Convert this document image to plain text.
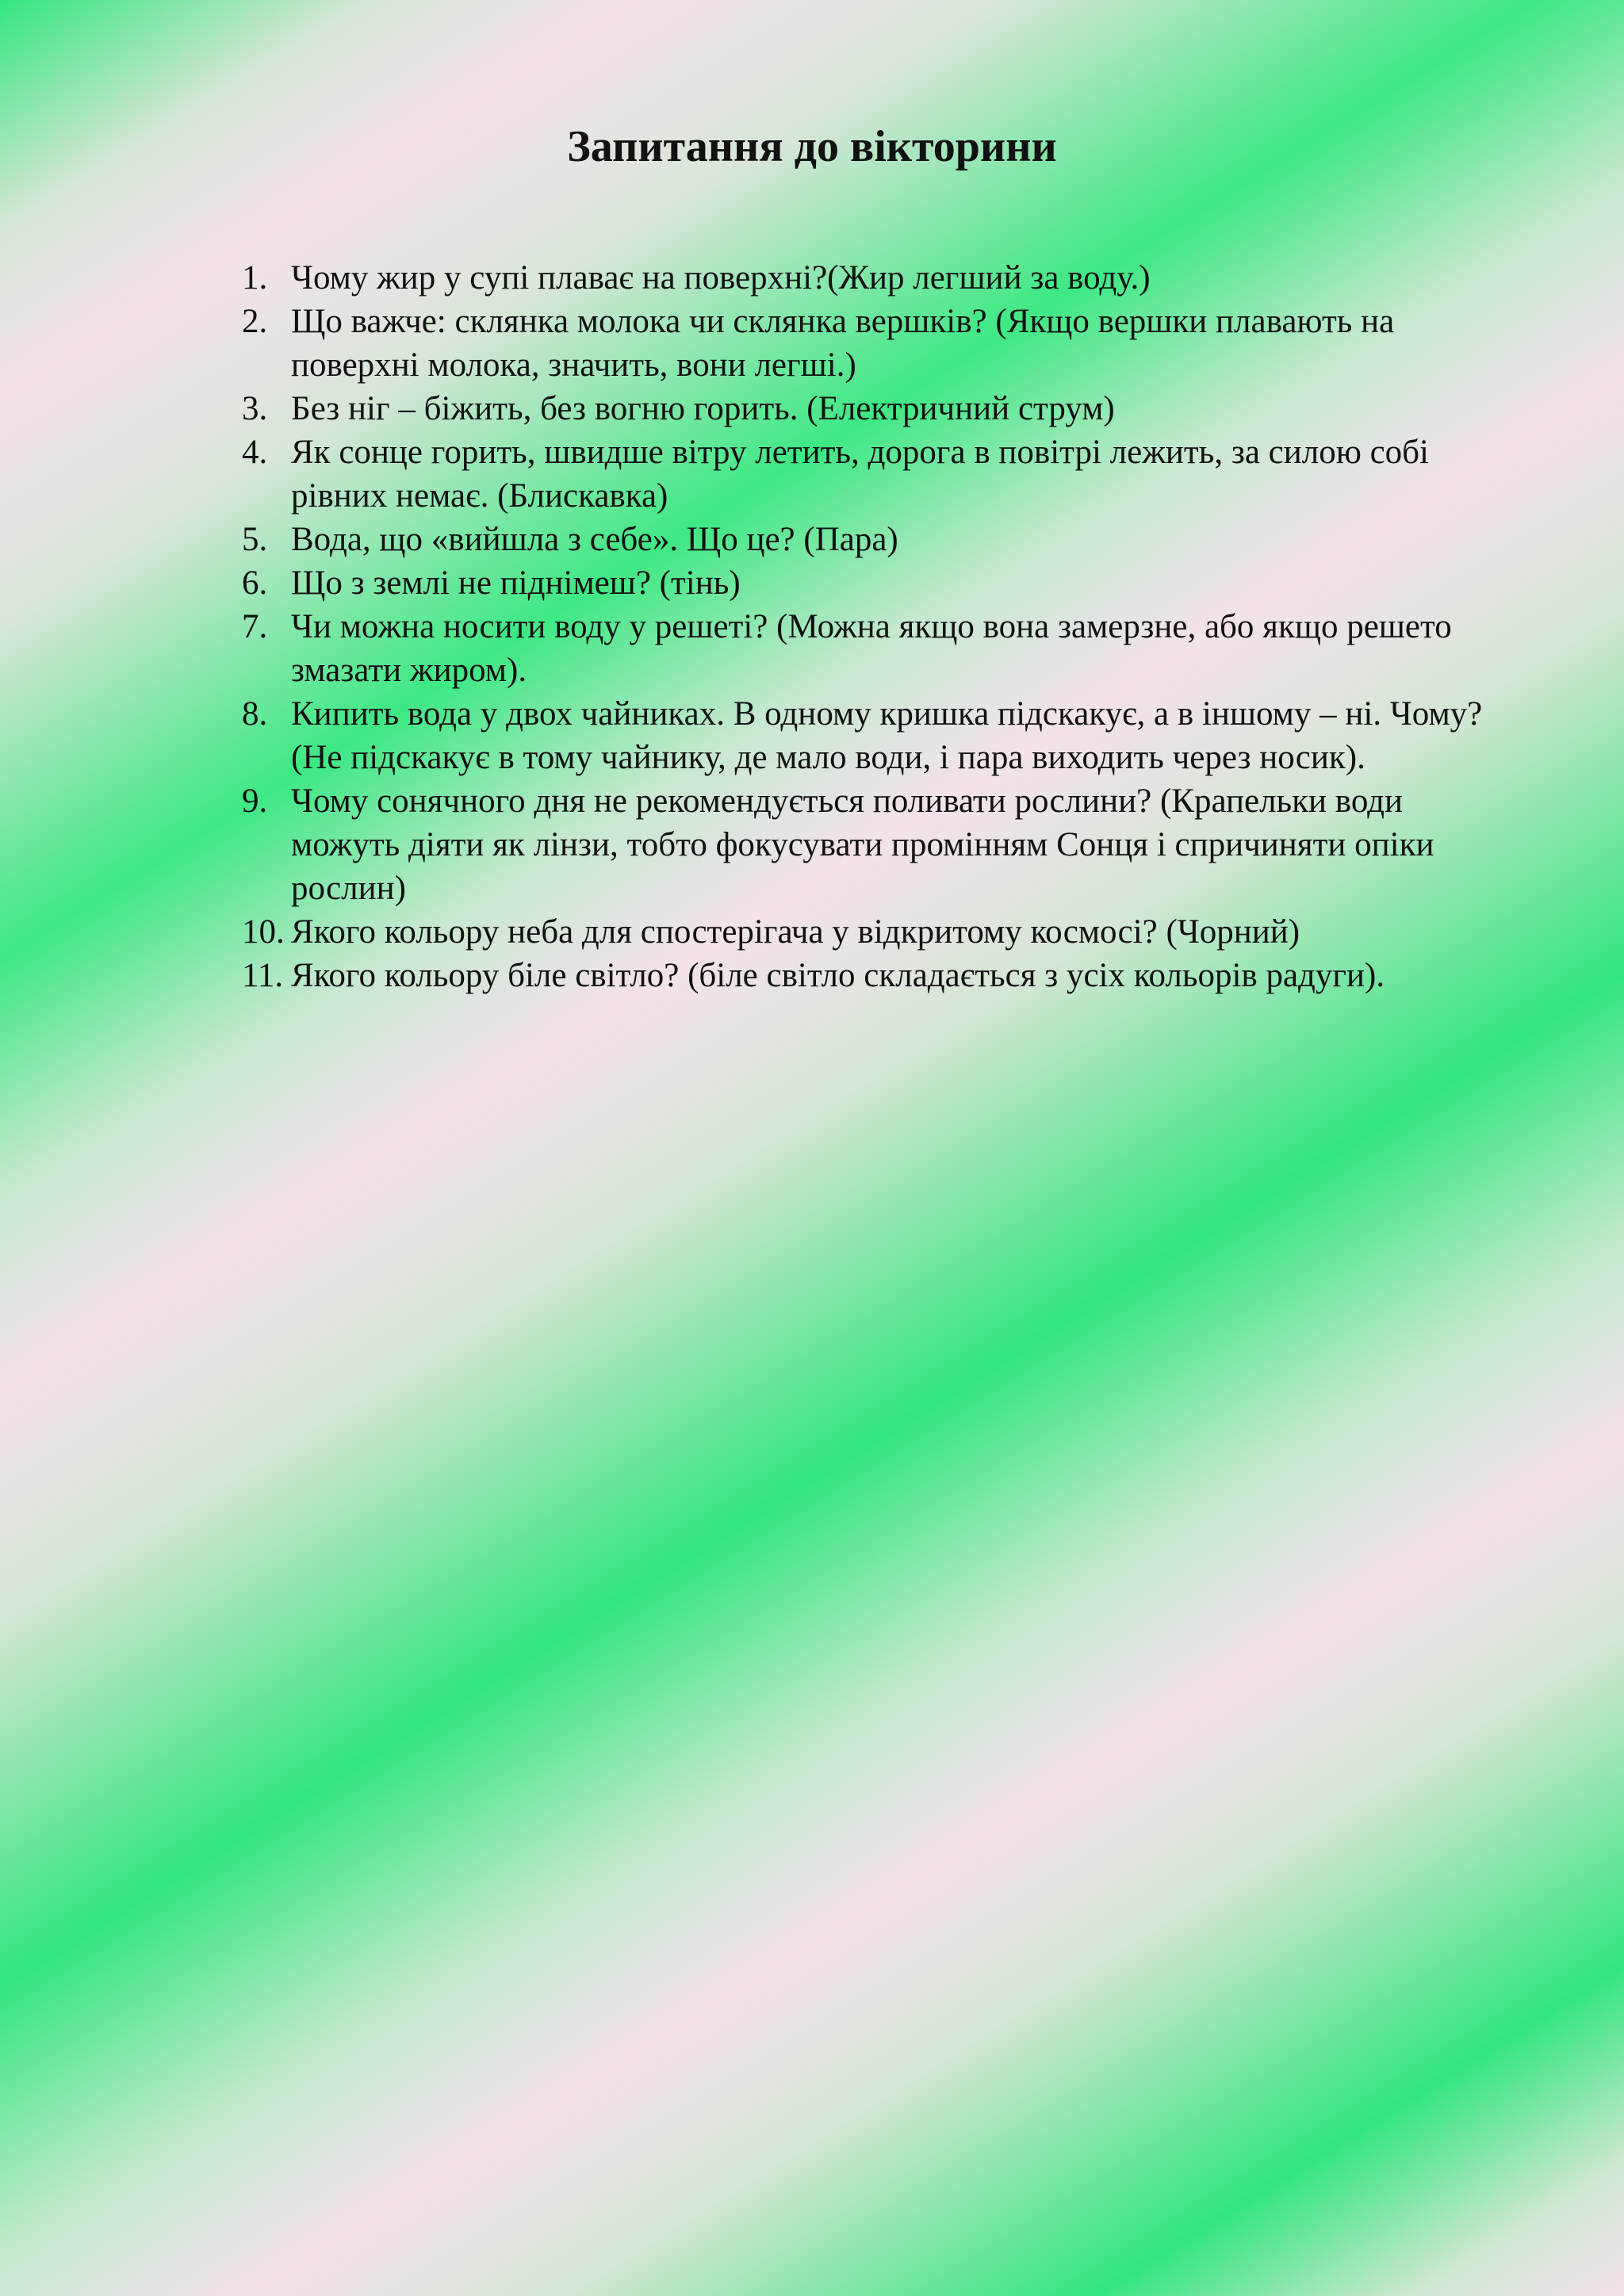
Запитання до вікторини
1. Чому жир у супі плаває на поверхні?(Жир легший за воду.)
2. Що важче: склянка молока чи склянка вершків? (Якщо вершки плавають на поверхні молока, значить, вони легші.)
3. Без ніг – біжить, без вогню горить. (Електричний струм)
4. Як сонце горить, швидше вітру летить, дорога в повітрі лежить, за силою собі рівних немає. (Блискавка)
5. Вода, що «вийшла з себе». Що це? (Пара)
6. Що з землі не піднімеш? (тінь)
7. Чи можна носити воду у решеті? (Можна якщо вона замерзне, або якщо решето змазати жиром).
8. Кипить вода у двох чайниках. В одному кришка підскакує, а в іншому – ні. Чому? (Не підскакує в тому чайнику, де мало води, і пара виходить через носик).
9. Чому сонячного дня не рекомендується поливати рослини? (Крапельки води можуть діяти як лінзи, тобто фокусувати промінням Сонця і спричиняти опіки рослин)
10. Якого кольору неба для спостерігача у відкритому космосі? (Чорний)
11. Якого кольору біле світло? (біле світло складається з усіх кольорів радуги).
